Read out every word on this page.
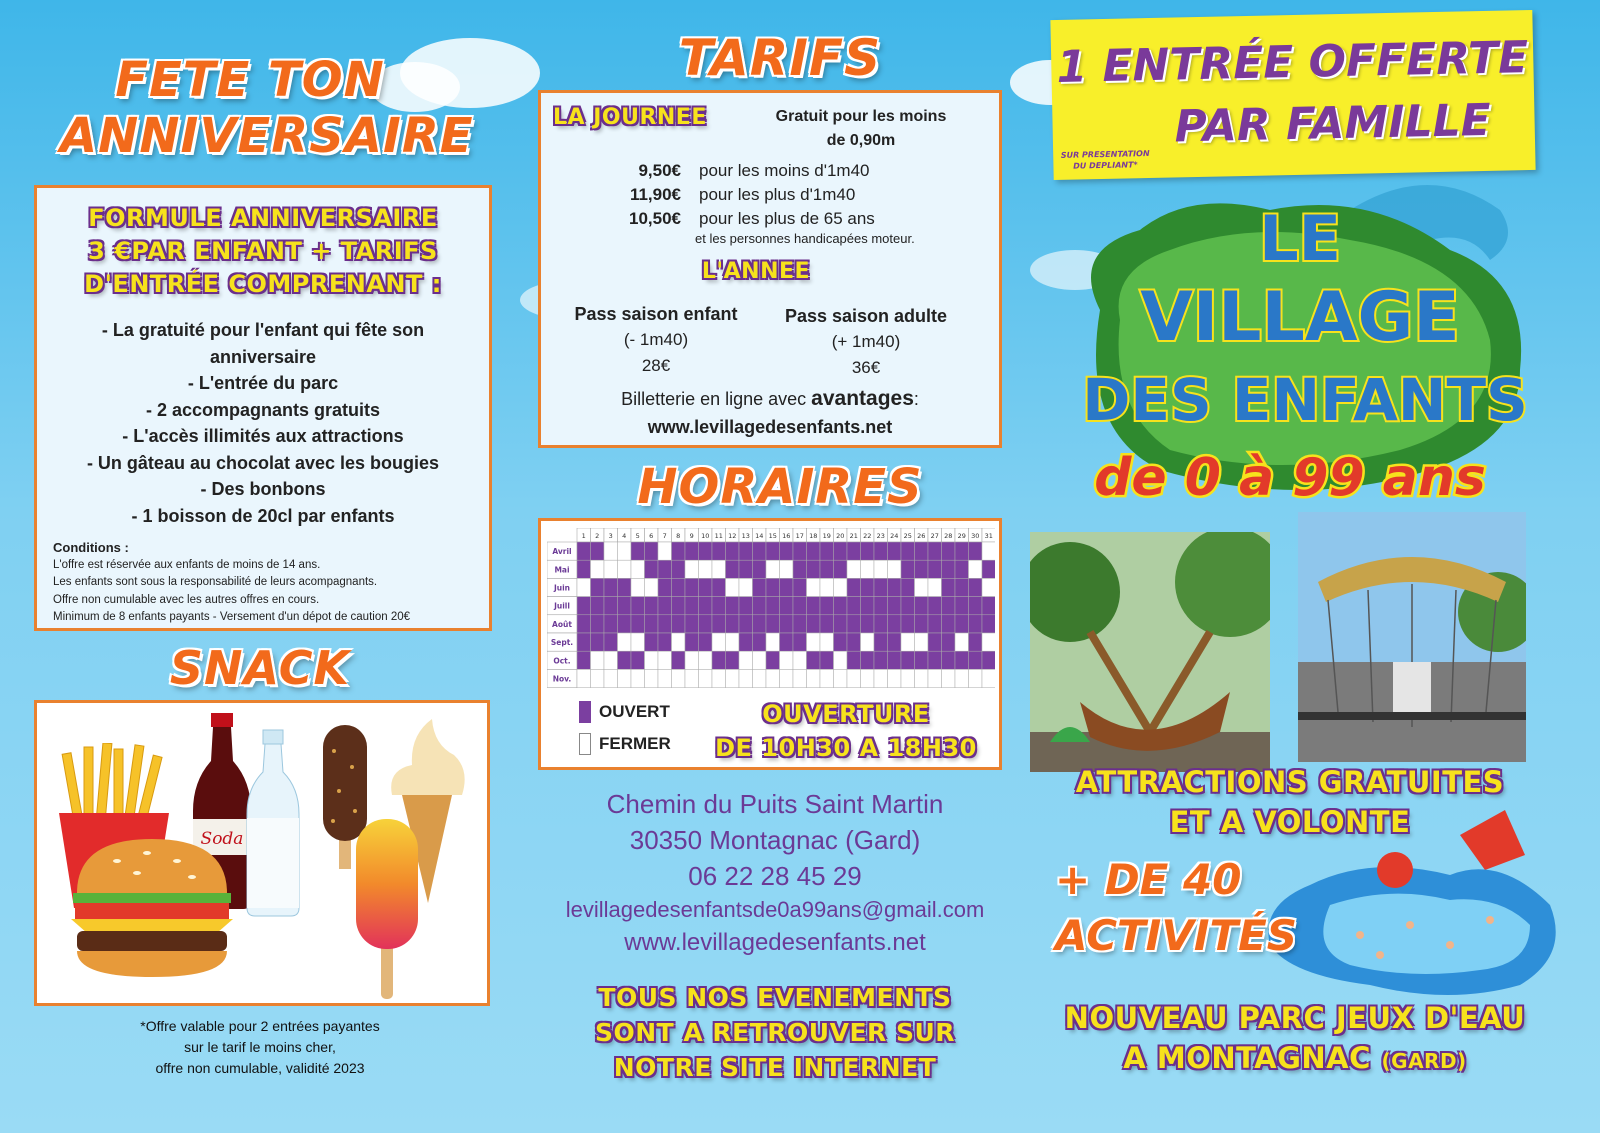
FETE TON
ANNIVERSAIRE
FORMULE ANNIVERSAIRE
3 €PAR ENFANT + TARIFS
D'ENTRÉE COMPRENANT :
- La gratuité pour l'enfant qui fête son
anniversaire
- L'entrée du parc
- 2 accompagnants gratuits
- L'accès illimités aux attractions
- Un gâteau au chocolat avec les bougies
- Des bonbons
- 1 boisson de 20cl par enfants
Conditions :
L'offre est réservée aux enfants de moins de 14 ans.
Les enfants sont sous la responsabilité de leurs acompagnants.
Offre non cumulable avec les autres offres en cours.
Minimum de 8 enfants payants - Versement d'un dépot de caution 20€
SNACK
Soda
*Offre valable pour 2 entrées payantes
sur le tarif le moins cher,
offre non cumulable, validité 2023
TARIFS
LA JOURNEE	Gratuit pour les moins
de 0,90m
9,50€ pour les moins d'1m40
11,90€ pour les plus d'1m40
10,50€ pour les plus de 65 ans
et les personnes handicapées moteur.
L'ANNEE
Pass saison enfant
(- 1m40)
28€
Pass saison adulte
(+ 1m40)
36€
Billetterie en ligne avec avantages:
www.levillagedesenfants.net
HORAIRES
1 2 3 4 5 6 7 8 9 10 11 12 13 14 15 16 17 18 19 20 21 22 23 24 25 26 27 28 29 30 31
Avril
Mai
Juin
Juill
Août
Sept.
Oct.
Nov.
OUVERT
FERMER
OUVERTURE
DE 10H30 A 18H30
Chemin du Puits Saint Martin
30350 Montagnac (Gard)
06 22 28 45 29
levillagedesenfantsde0a99ans@gmail.com
www.levillagedesenfants.net
TOUS NOS EVENEMENTS
SONT A RETROUVER SUR
NOTRE SITE INTERNET
1 ENTRÉE OFFERTE
PAR FAMILLE
SUR PRESENTATION
DU DEPLIANT*
LE
VILLAGE
DES ENFANTS
de 0 à 99 ans
ATTRACTIONS GRATUITES
ET A VOLONTE
+ DE 40
ACTIVITÉS
NOUVEAU PARC JEUX D'EAU
A MONTAGNAC (GARD)
